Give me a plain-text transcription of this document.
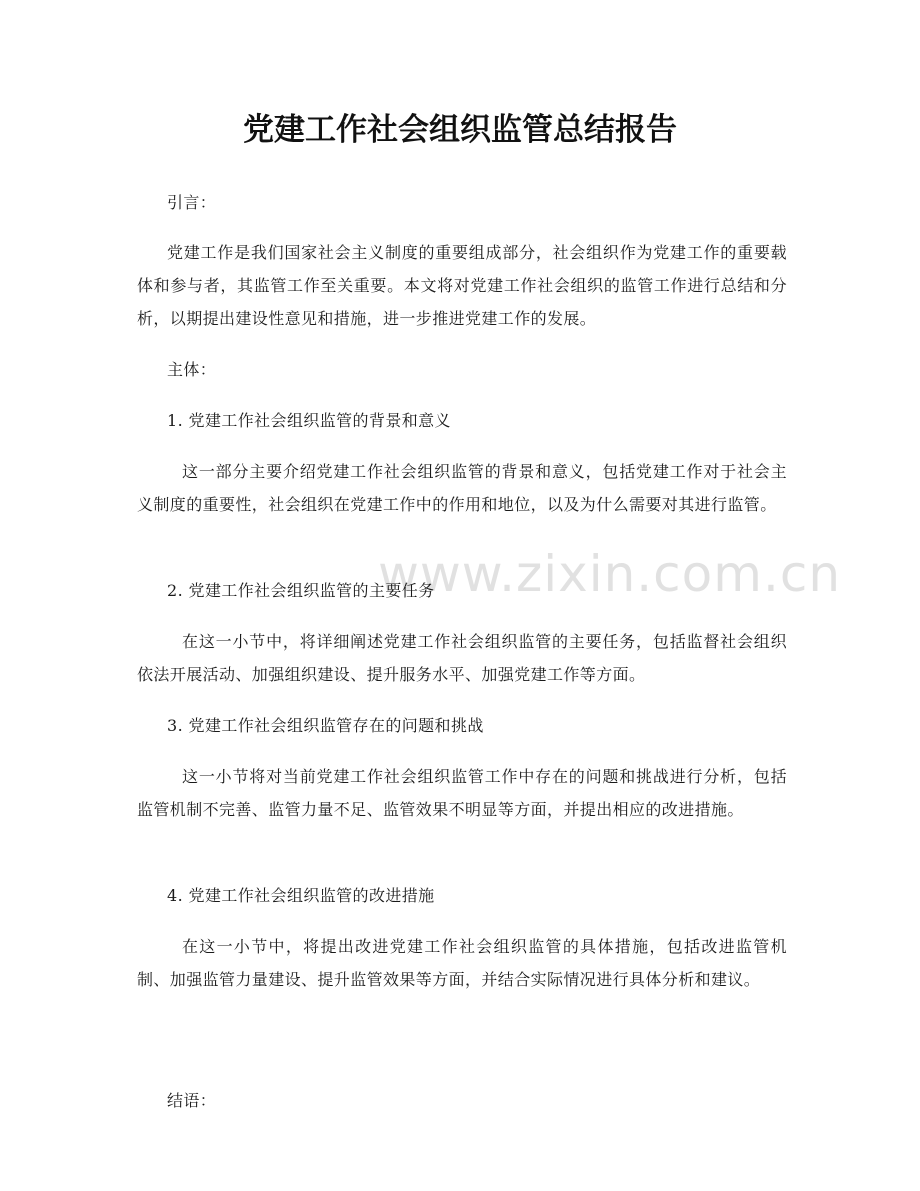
党建工作社会组织监管总结报告
www.zixin.com.cn

引言：

党建工作是我们国家社会主义制度的重要组成部分，社会组织作为党建工作的重要载体和参与者，其监管工作至关重要。本文将对党建工作社会组织的监管工作进行总结和分析，以期提出建设性意见和措施，进一步推进党建工作的发展。

主体：

1. 党建工作社会组织监管的背景和意义

这一部分主要介绍党建工作社会组织监管的背景和意义，包括党建工作对于社会主义制度的重要性，社会组织在党建工作中的作用和地位，以及为什么需要对其进行监管。

2. 党建工作社会组织监管的主要任务

在这一小节中，将详细阐述党建工作社会组织监管的主要任务，包括监督社会组织依法开展活动、加强组织建设、提升服务水平、加强党建工作等方面。

3. 党建工作社会组织监管存在的问题和挑战

这一小节将对当前党建工作社会组织监管工作中存在的问题和挑战进行分析，包括监管机制不完善、监管力量不足、监管效果不明显等方面，并提出相应的改进措施。

4. 党建工作社会组织监管的改进措施

在这一小节中，将提出改进党建工作社会组织监管的具体措施，包括改进监管机制、加强监管力量建设、提升监管效果等方面，并结合实际情况进行具体分析和建议。

结语：
